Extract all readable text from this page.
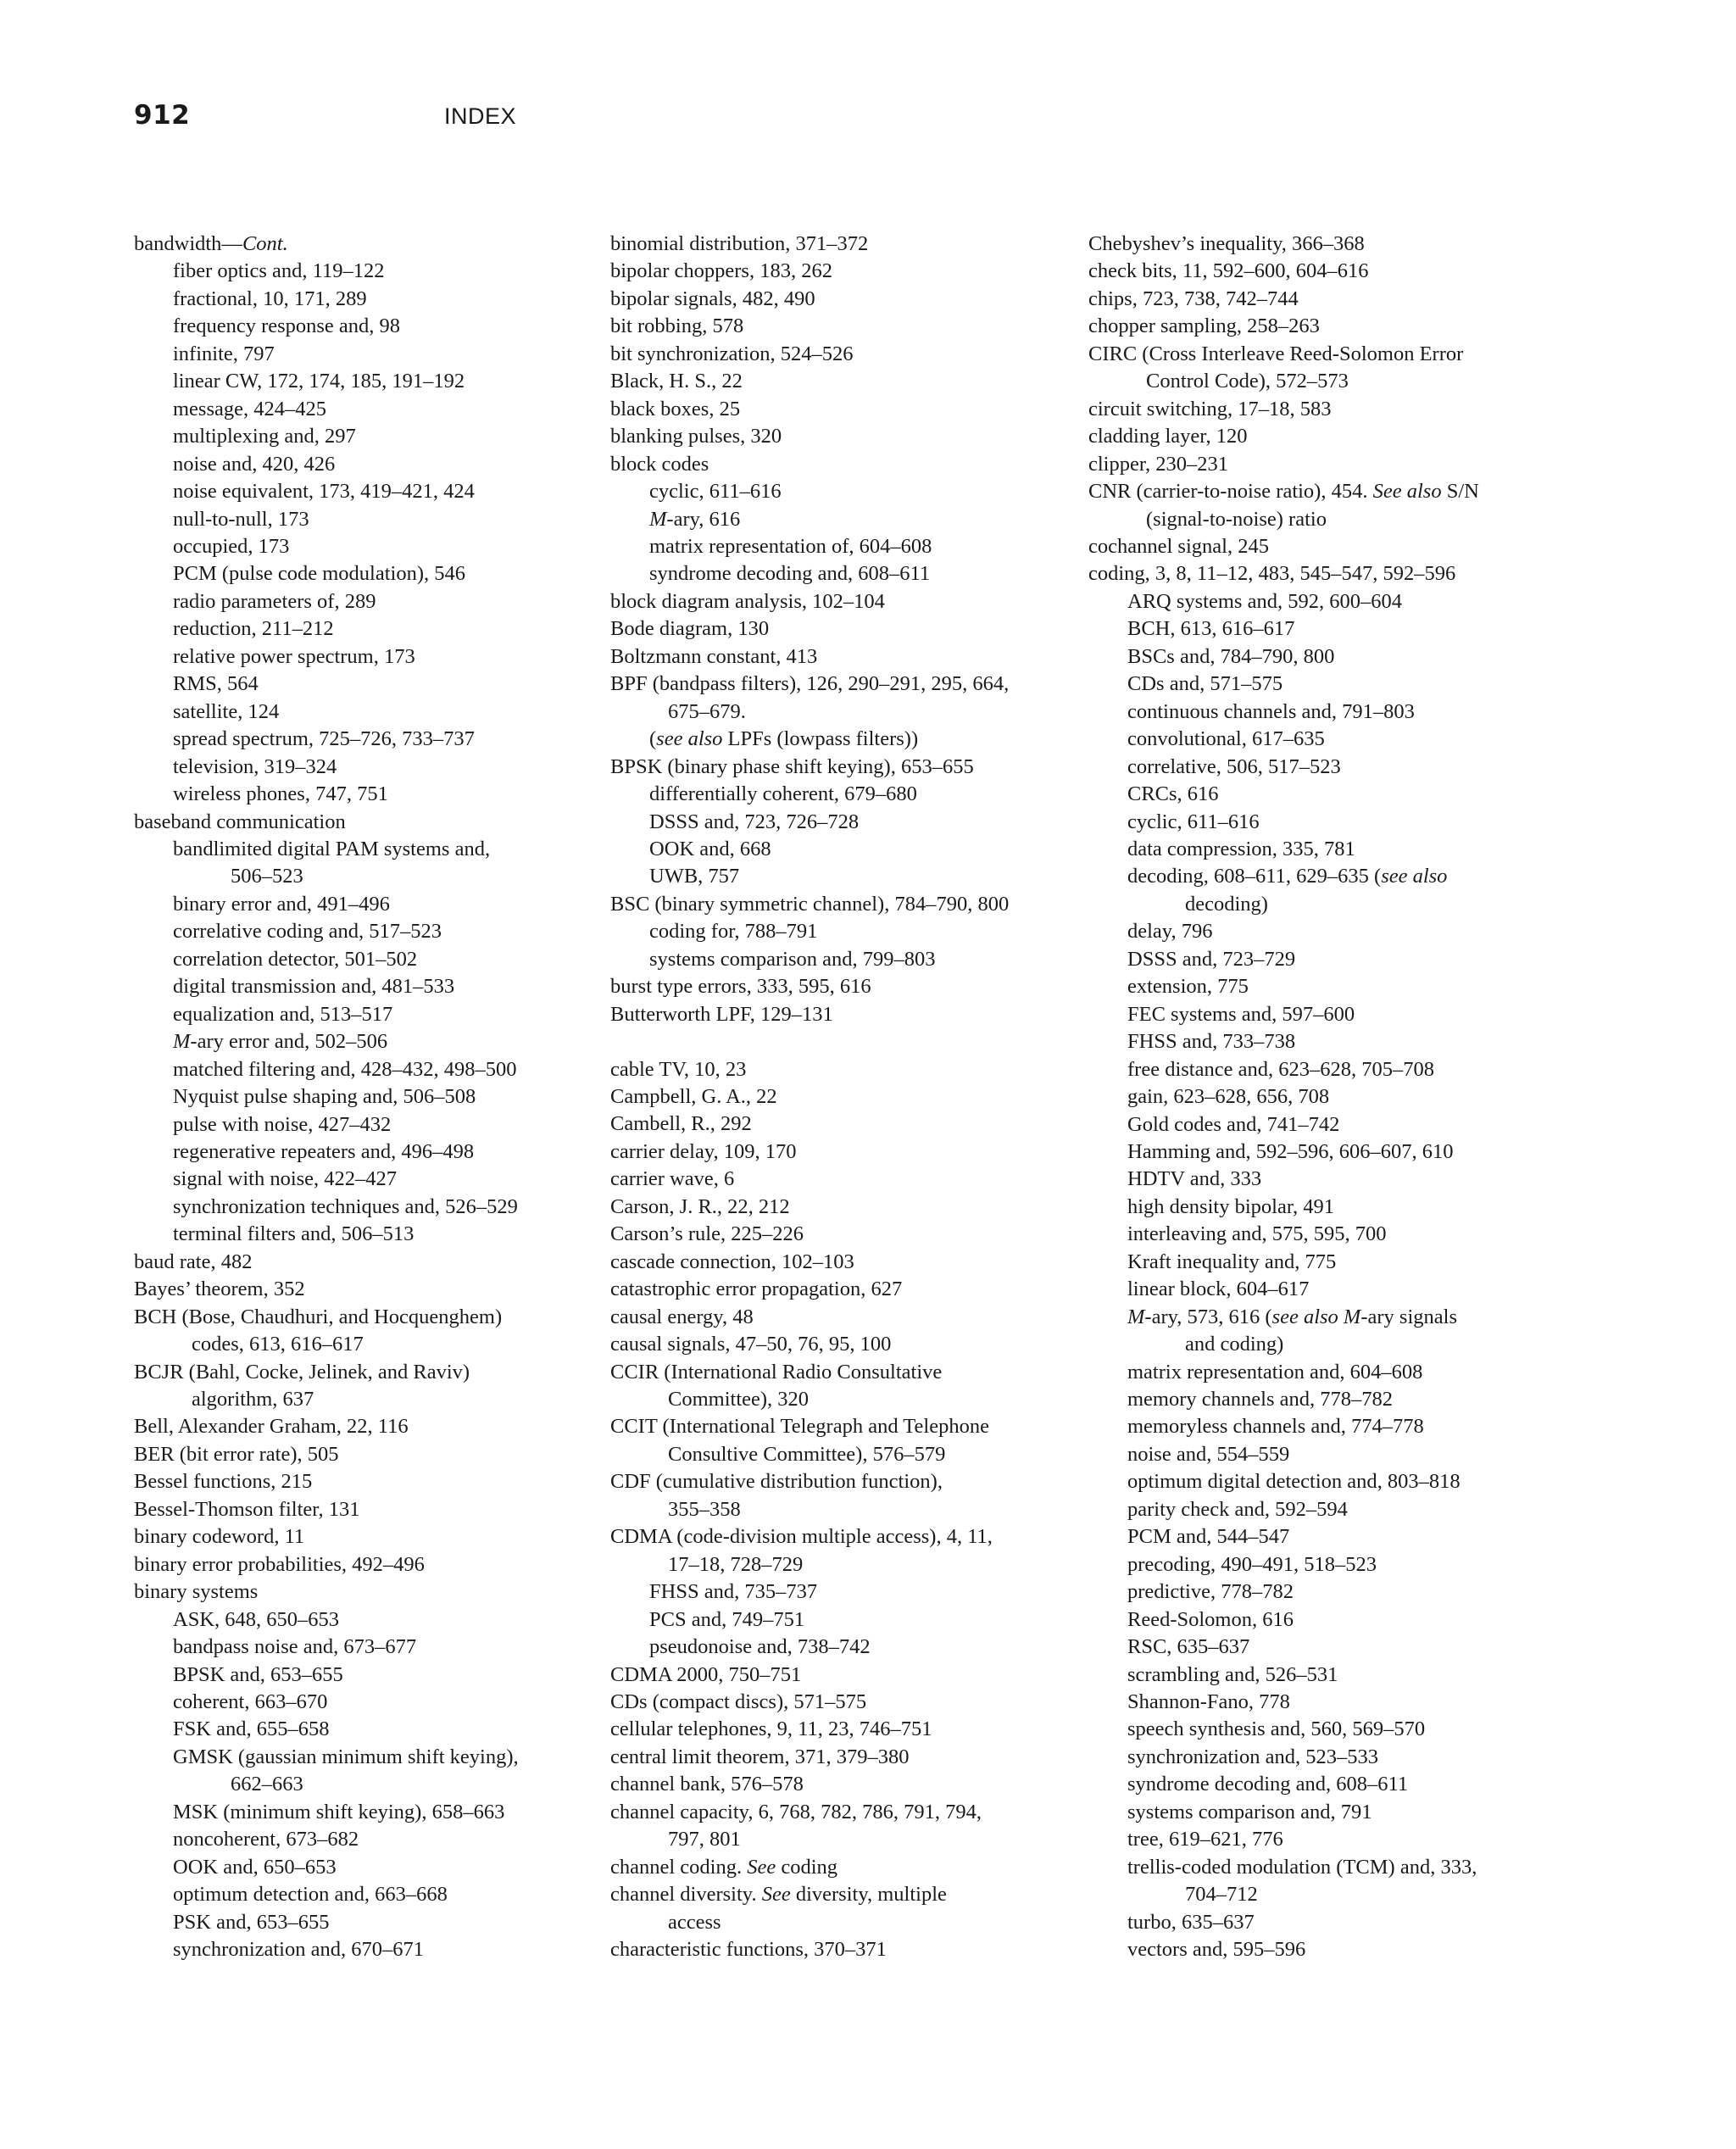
912	INDEX
bandwidth—Cont.
fiber optics and, 119–122
fractional, 10, 171, 289
frequency response and, 98
infinite, 797
linear CW, 172, 174, 185, 191–192
message, 424–425
multiplexing and, 297
noise and, 420, 426
noise equivalent, 173, 419–421, 424
null-to-null, 173
occupied, 173
PCM (pulse code modulation), 546
radio parameters of, 289
reduction, 211–212
relative power spectrum, 173
RMS, 564
satellite, 124
spread spectrum, 725–726, 733–737
television, 319–324
wireless phones, 747, 751
baseband communication
bandlimited digital PAM systems and,
506–523
binary error and, 491–496
correlative coding and, 517–523
correlation detector, 501–502
digital transmission and, 481–533
equalization and, 513–517
M-ary error and, 502–506
matched filtering and, 428–432, 498–500
Nyquist pulse shaping and, 506–508
pulse with noise, 427–432
regenerative repeaters and, 496–498
signal with noise, 422–427
synchronization techniques and, 526–529
terminal filters and, 506–513
baud rate, 482
Bayes’ theorem, 352
BCH (Bose, Chaudhuri, and Hocquenghem)
codes, 613, 616–617
BCJR (Bahl, Cocke, Jelinek, and Raviv)
algorithm, 637
Bell, Alexander Graham, 22, 116
BER (bit error rate), 505
Bessel functions, 215
Bessel-Thomson filter, 131
binary codeword, 11
binary error probabilities, 492–496
binary systems
ASK, 648, 650–653
bandpass noise and, 673–677
BPSK and, 653–655
coherent, 663–670
FSK and, 655–658
GMSK (gaussian minimum shift keying),
662–663
MSK (minimum shift keying), 658–663
noncoherent, 673–682
OOK and, 650–653
optimum detection and, 663–668
PSK and, 653–655
synchronization and, 670–671
binomial distribution, 371–372
bipolar choppers, 183, 262
bipolar signals, 482, 490
bit robbing, 578
bit synchronization, 524–526
Black, H. S., 22
black boxes, 25
blanking pulses, 320
block codes
cyclic, 611–616
M-ary, 616
matrix representation of, 604–608
syndrome decoding and, 608–611
block diagram analysis, 102–104
Bode diagram, 130
Boltzmann constant, 413
BPF (bandpass filters), 126, 290–291, 295, 664,
675–679.
(see also LPFs (lowpass filters))
BPSK (binary phase shift keying), 653–655
differentially coherent, 679–680
DSSS and, 723, 726–728
OOK and, 668
UWB, 757
BSC (binary symmetric channel), 784–790, 800
coding for, 788–791
systems comparison and, 799–803
burst type errors, 333, 595, 616
Butterworth LPF, 129–131
cable TV, 10, 23
Campbell, G. A., 22
Cambell, R., 292
carrier delay, 109, 170
carrier wave, 6
Carson, J. R., 22, 212
Carson’s rule, 225–226
cascade connection, 102–103
catastrophic error propagation, 627
causal energy, 48
causal signals, 47–50, 76, 95, 100
CCIR (International Radio Consultative
Committee), 320
CCIT (International Telegraph and Telephone
Consultive Committee), 576–579
CDF (cumulative distribution function),
355–358
CDMA (code-division multiple access), 4, 11,
17–18, 728–729
FHSS and, 735–737
PCS and, 749–751
pseudonoise and, 738–742
CDMA 2000, 750–751
CDs (compact discs), 571–575
cellular telephones, 9, 11, 23, 746–751
central limit theorem, 371, 379–380
channel bank, 576–578
channel capacity, 6, 768, 782, 786, 791, 794,
797, 801
channel coding. See coding
channel diversity. See diversity, multiple
access
characteristic functions, 370–371
Chebyshev’s inequality, 366–368
check bits, 11, 592–600, 604–616
chips, 723, 738, 742–744
chopper sampling, 258–263
CIRC (Cross Interleave Reed-Solomon Error
Control Code), 572–573
circuit switching, 17–18, 583
cladding layer, 120
clipper, 230–231
CNR (carrier-to-noise ratio), 454. See also S/N
(signal-to-noise) ratio
cochannel signal, 245
coding, 3, 8, 11–12, 483, 545–547, 592–596
ARQ systems and, 592, 600–604
BCH, 613, 616–617
BSCs and, 784–790, 800
CDs and, 571–575
continuous channels and, 791–803
convolutional, 617–635
correlative, 506, 517–523
CRCs, 616
cyclic, 611–616
data compression, 335, 781
decoding, 608–611, 629–635 (see also
decoding)
delay, 796
DSSS and, 723–729
extension, 775
FEC systems and, 597–600
FHSS and, 733–738
free distance and, 623–628, 705–708
gain, 623–628, 656, 708
Gold codes and, 741–742
Hamming and, 592–596, 606–607, 610
HDTV and, 333
high density bipolar, 491
interleaving and, 575, 595, 700
Kraft inequality and, 775
linear block, 604–617
M-ary, 573, 616 (see also M-ary signals
and coding)
matrix representation and, 604–608
memory channels and, 778–782
memoryless channels and, 774–778
noise and, 554–559
optimum digital detection and, 803–818
parity check and, 592–594
PCM and, 544–547
precoding, 490–491, 518–523
predictive, 778–782
Reed-Solomon, 616
RSC, 635–637
scrambling and, 526–531
Shannon-Fano, 778
speech synthesis and, 560, 569–570
synchronization and, 523–533
syndrome decoding and, 608–611
systems comparison and, 791
tree, 619–621, 776
trellis-coded modulation (TCM) and, 333,
704–712
turbo, 635–637
vectors and, 595–596
